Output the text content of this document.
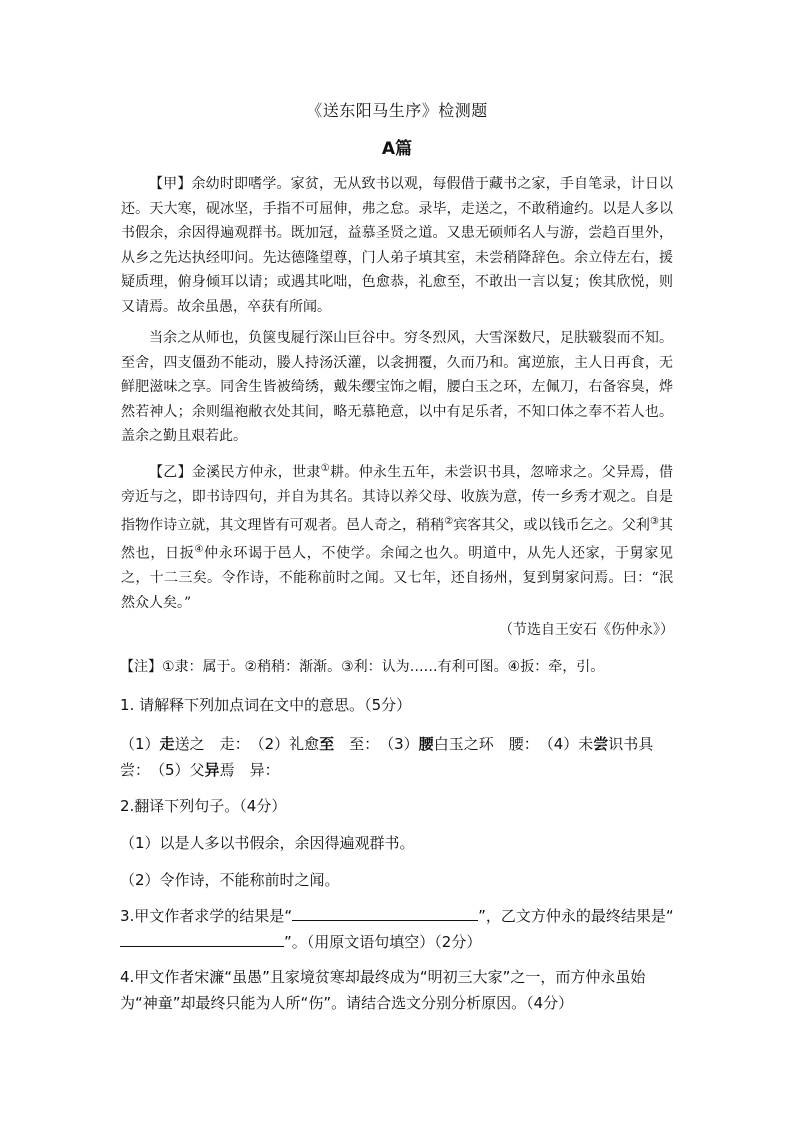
《送东阳马生序》检测题
A篇
【甲】余幼时即嗜学。家贫，无从致书以观，每假借于藏书之家，手自笔录，计日以还。天大寒，砚冰坚，手指不可屈伸，弗之怠。录毕，走送之，不敢稍逾约。以是人多以书假余，余因得遍观群书。既加冠，益慕圣贤之道。又患无硕师名人与游，尝趋百里外，从乡之先达执经叩问。先达德隆望尊，门人弟子填其室，未尝稍降辞色。余立侍左右，援疑质理，俯身倾耳以请；或遇其叱咄，色愈恭，礼愈至，不敢出一言以复；俟其欣悦，则又请焉。故余虽愚，卒获有所闻。
当余之从师也，负箧曳屣行深山巨谷中。穷冬烈风，大雪深数尺，足肤皲裂而不知。至舍，四支僵劲不能动，媵人持汤沃灌，以衾拥覆，久而乃和。寓逆旅，主人日再食，无鲜肥滋味之享。同舍生皆被绮绣，戴朱缨宝饰之帽，腰白玉之环，左佩刀，右备容臭，烨然若神人；余则缊袍敝衣处其间，略无慕艳意，以中有足乐者，不知口体之奉不若人也。盖余之勤且艰若此。
【乙】金溪民方仲永，世隶①耕。仲永生五年，未尝识书具，忽啼求之。父异焉，借旁近与之，即书诗四句，并自为其名。其诗以养父母、收族为意，传一乡秀才观之。自是指物作诗立就，其文理皆有可观者。邑人奇之，稍稍②宾客其父，或以钱币乞之。父利③其然也，日扳④仲永环谒于邑人，不使学。余闻之也久。明道中，从先人还家，于舅家见之，十二三矣。令作诗，不能称前时之闻。又七年，还自扬州，复到舅家问焉。曰：“泯然众人矣。”
（节选自王安石《伤仲永》）
【注】①隶：属于。②稍稍：渐渐。③利：认为……有利可图。④扳：牵，引。
1. 请解释下列加点词在文中的意思。（5分）
（1）走送之　走：　（2）礼愈至　至：　（3）腰白玉之环　腰：　（4）未尝识书具　尝：　（5）父异焉　异：
2.翻译下列句子。（4分）
（1）以是人多以书假余，余因得遍观群书。
（2）令作诗，不能称前时之闻。
3.甲文作者求学的结果是“	”，乙文方仲永的最终结果是“”。（用原文语句填空）（2分）
4.甲文作者宋濂“虽愚”且家境贫寒却最终成为“明初三大家”之一，而方仲永虽始为“神童”却最终只能为人所“伤”。请结合选文分别分析原因。（4分）
